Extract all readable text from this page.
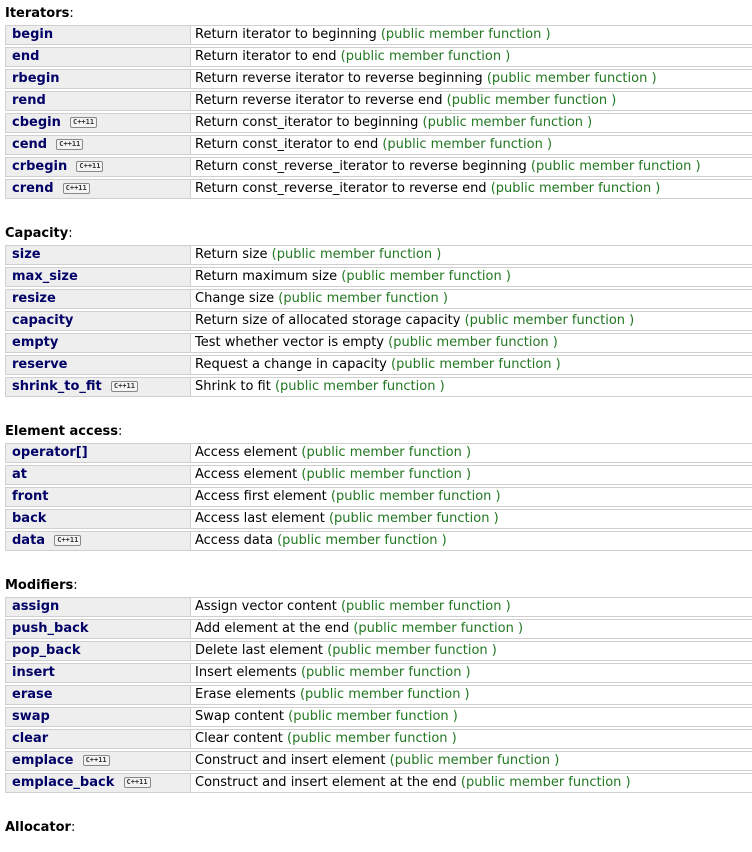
Iterators:
begin	Return iterator to beginning (public member function )
end	Return iterator to end (public member function )
rbegin	Return reverse iterator to reverse beginning (public member function )
rend	Return reverse iterator to reverse end (public member function )
cbegin C++11	Return const_iterator to beginning (public member function )
cend C++11	Return const_iterator to end (public member function )
crbegin C++11	Return const_reverse_iterator to reverse beginning (public member function )
crend C++11	Return const_reverse_iterator to reverse end (public member function )
Capacity:
size	Return size (public member function )
max_size	Return maximum size (public member function )
resize	Change size (public member function )
capacity	Return size of allocated storage capacity (public member function )
empty	Test whether vector is empty (public member function )
reserve	Request a change in capacity (public member function )
shrink_to_fit C++11	Shrink to fit (public member function )
Element access:
operator[]	Access element (public member function )
at	Access element (public member function )
front	Access first element (public member function )
back	Access last element (public member function )
data C++11	Access data (public member function )
Modifiers:
assign	Assign vector content (public member function )
push_back	Add element at the end (public member function )
pop_back	Delete last element (public member function )
insert	Insert elements (public member function )
erase	Erase elements (public member function )
swap	Swap content (public member function )
clear	Clear content (public member function )
emplace C++11	Construct and insert element (public member function )
emplace_back C++11	Construct and insert element at the end (public member function )
Allocator:
